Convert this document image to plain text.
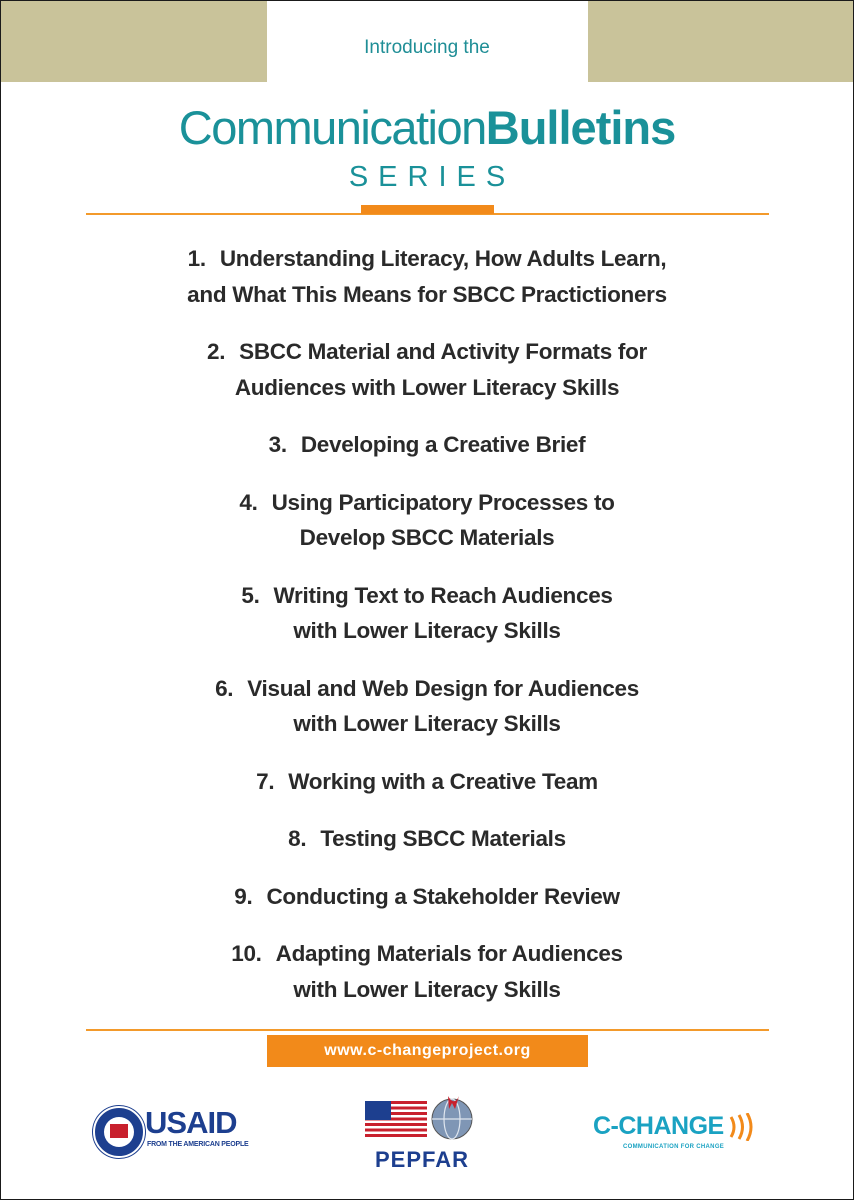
Introducing the
CommunicationBulletins
SERIES
1. Understanding Literacy, How Adults Learn,
and What This Means for SBCC Practictioners
2. SBCC Material and Activity Formats for
Audiences with Lower Literacy Skills
3. Developing a Creative Brief
4. Using Participatory Processes to
Develop SBCC Materials
5. Writing Text to Reach Audiences
with Lower Literacy Skills
6. Visual and Web Design for Audiences
with Lower Literacy Skills
7. Working with a Creative Team
8. Testing SBCC Materials
9. Conducting a Stakeholder Review
10. Adapting Materials for Audiences
with Lower Literacy Skills
www.c-changeproject.org
USAID
FROM THE AMERICAN PEOPLE
PEPFAR
C-CHANGE
COMMUNICATION FOR CHANGE
